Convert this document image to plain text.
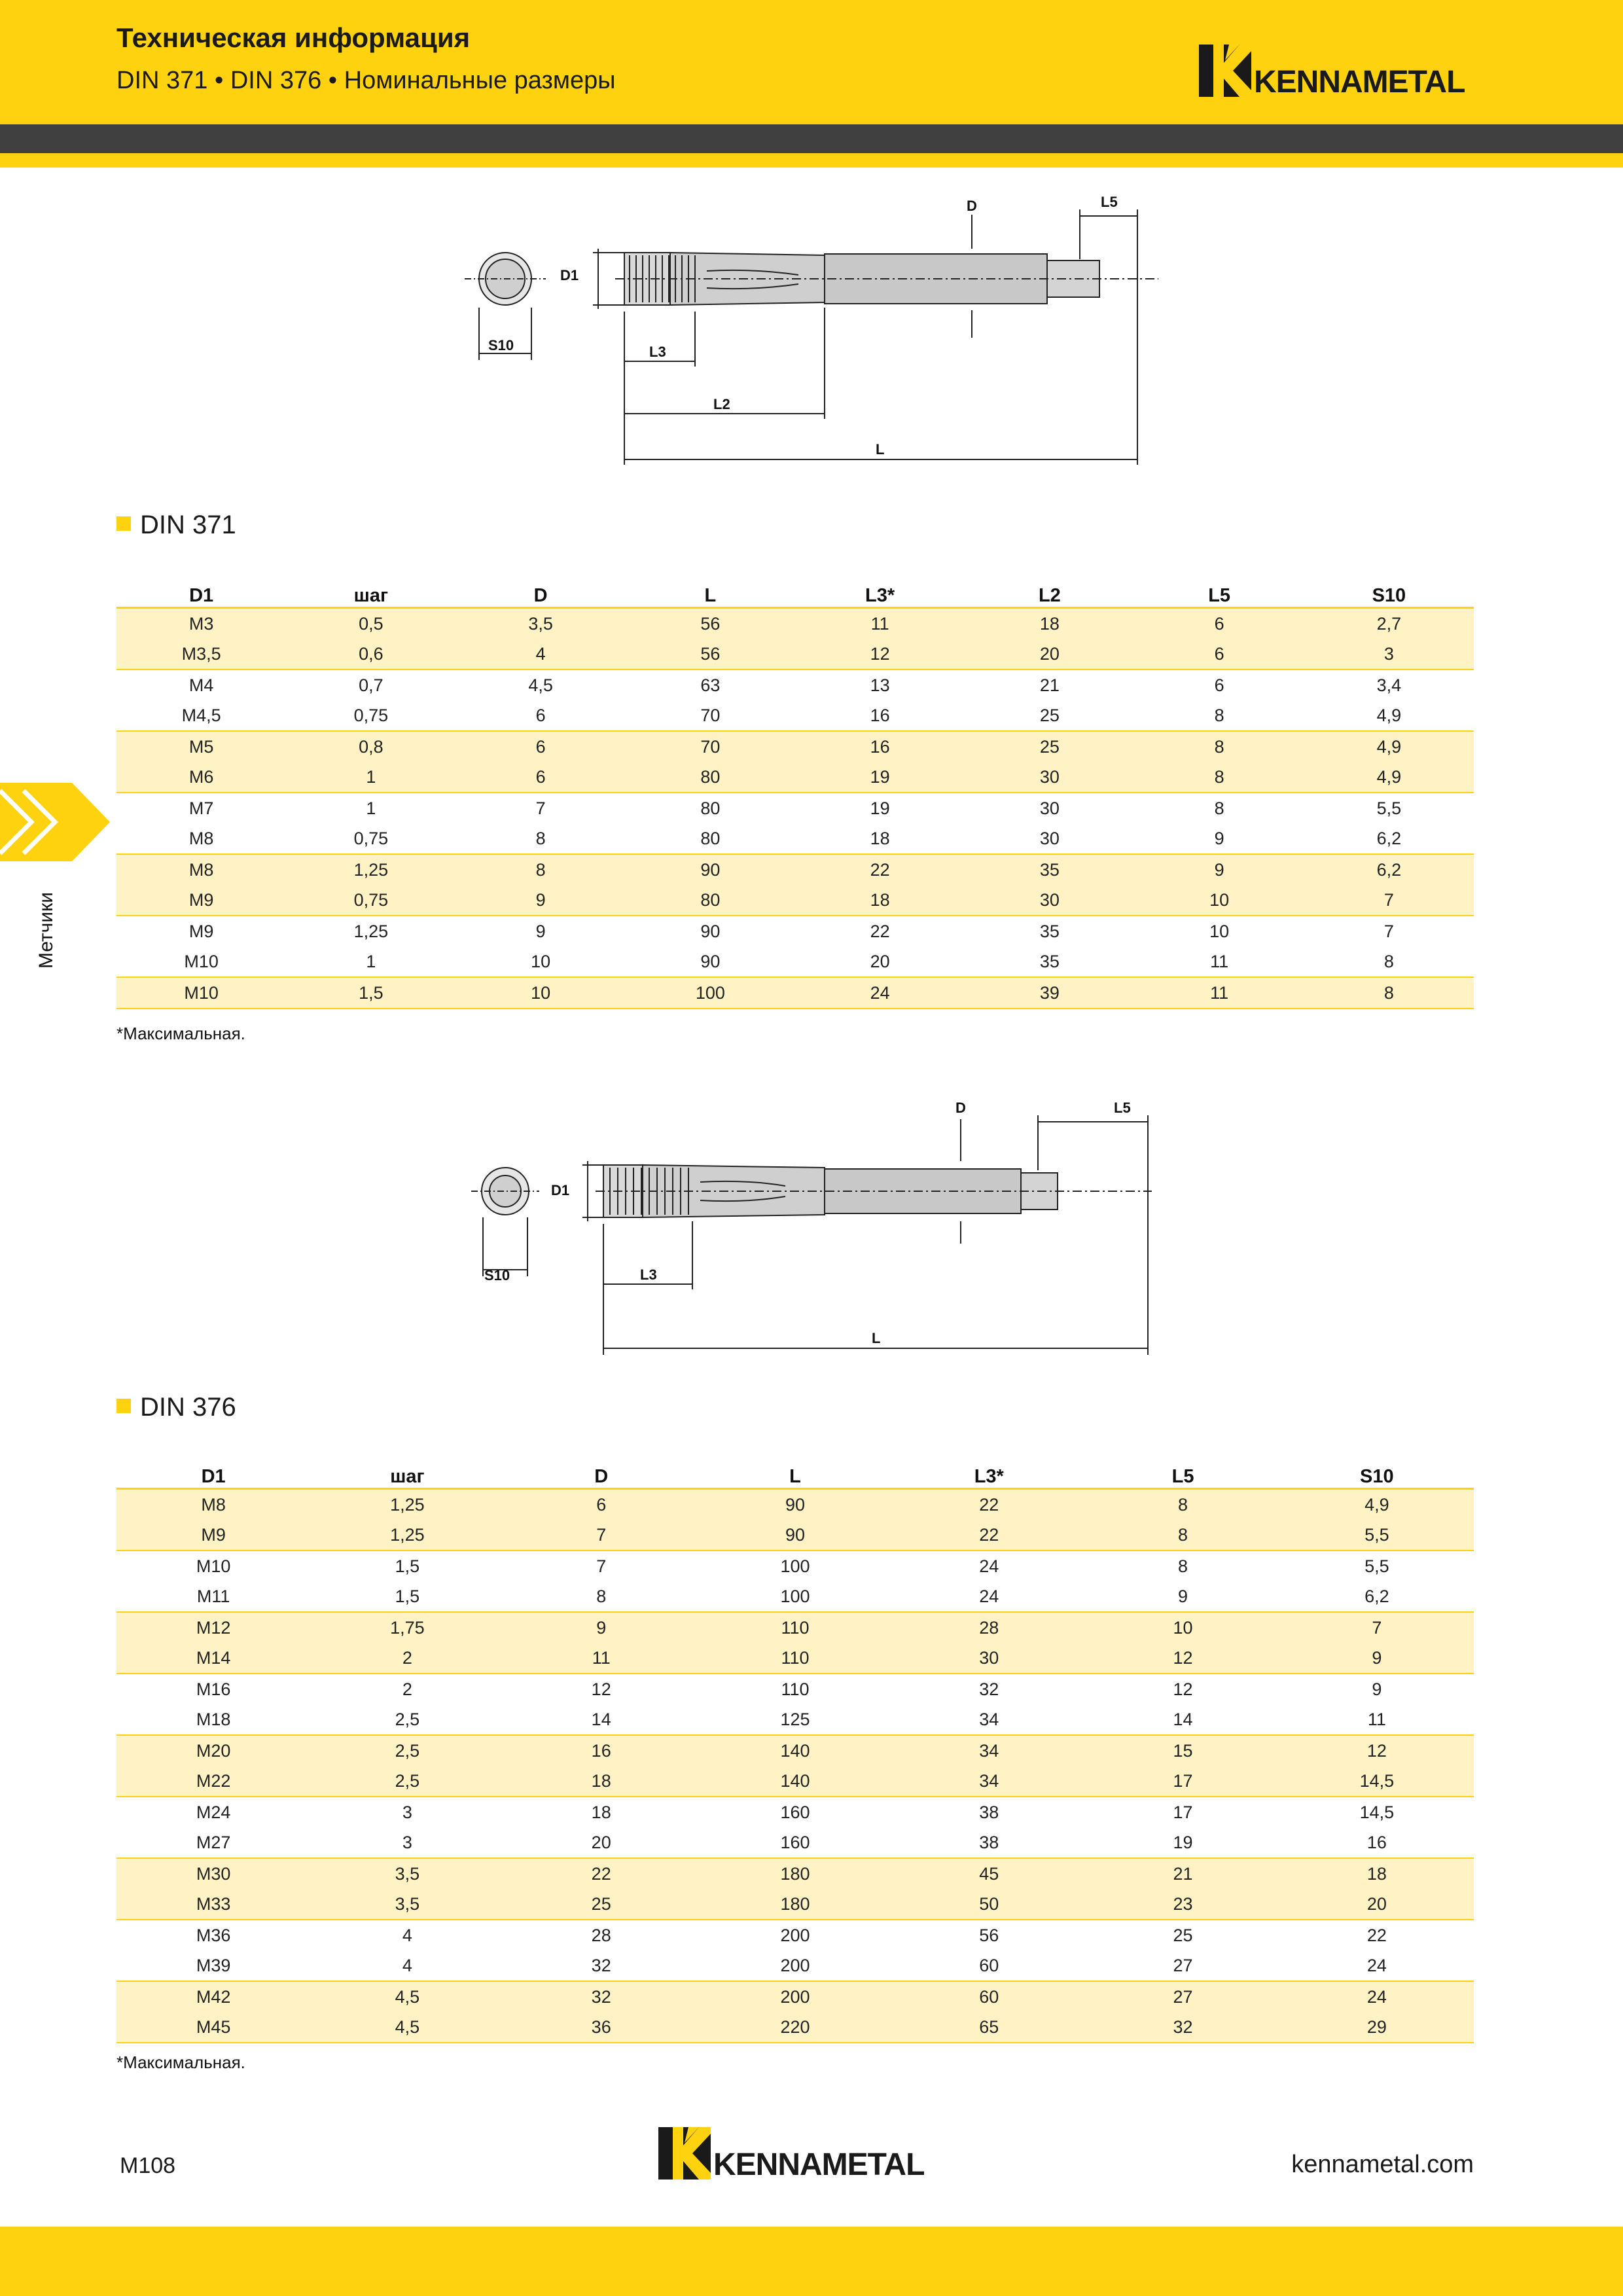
Техническая информация
DIN 371 • DIN 376 • Номинальные размеры	KENNAMETAL
Метчики
D	L5
D1
S10	L3
L2
L
DIN 371
D1	шаг	D	L	L3*	L2	L5	S10
M3	0,5	3,5	56	11	18	6	2,7
M3,5	0,6	4	56	12	20	6	3
M4	0,7	4,5	63	13	21	6	3,4
M4,5	0,75	6	70	16	25	8	4,9
M5	0,8	6	70	16	25	8	4,9
M6	1	6	80	19	30	8	4,9
M7	1	7	80	19	30	8	5,5
M8	0,75	8	80	18	30	9	6,2
M8	1,25	8	90	22	35	9	6,2
M9	0,75	9	80	18	30	10	7
M9	1,25	9	90	22	35	10	7
M10	1	10	90	20	35	11	8
M10	1,5	10	100	24	39	11	8
*Максимальная.
D	L5
D1
S10	L3
L
DIN 376
D1	шаг	D	L	L3*	L5	S10
M8	1,25	6	90	22	8	4,9
M9	1,25	7	90	22	8	5,5
M10	1,5	7	100	24	8	5,5
M11	1,5	8	100	24	9	6,2
M12	1,75	9	110	28	10	7
M14	2	11	110	30	12	9
M16	2	12	110	32	12	9
M18	2,5	14	125	34	14	11
M20	2,5	16	140	34	15	12
M22	2,5	18	140	34	17	14,5
M24	3	18	160	38	17	14,5
M27	3	20	160	38	19	16
M30	3,5	22	180	45	21	18
M33	3,5	25	180	50	23	20
M36	4	28	200	56	25	22
M39	4	32	200	60	27	24
M42	4,5	32	200	60	27	24
M45	4,5	36	220	65	32	29
*Максимальная.
M108	KENNAMETAL	kennametal.com
